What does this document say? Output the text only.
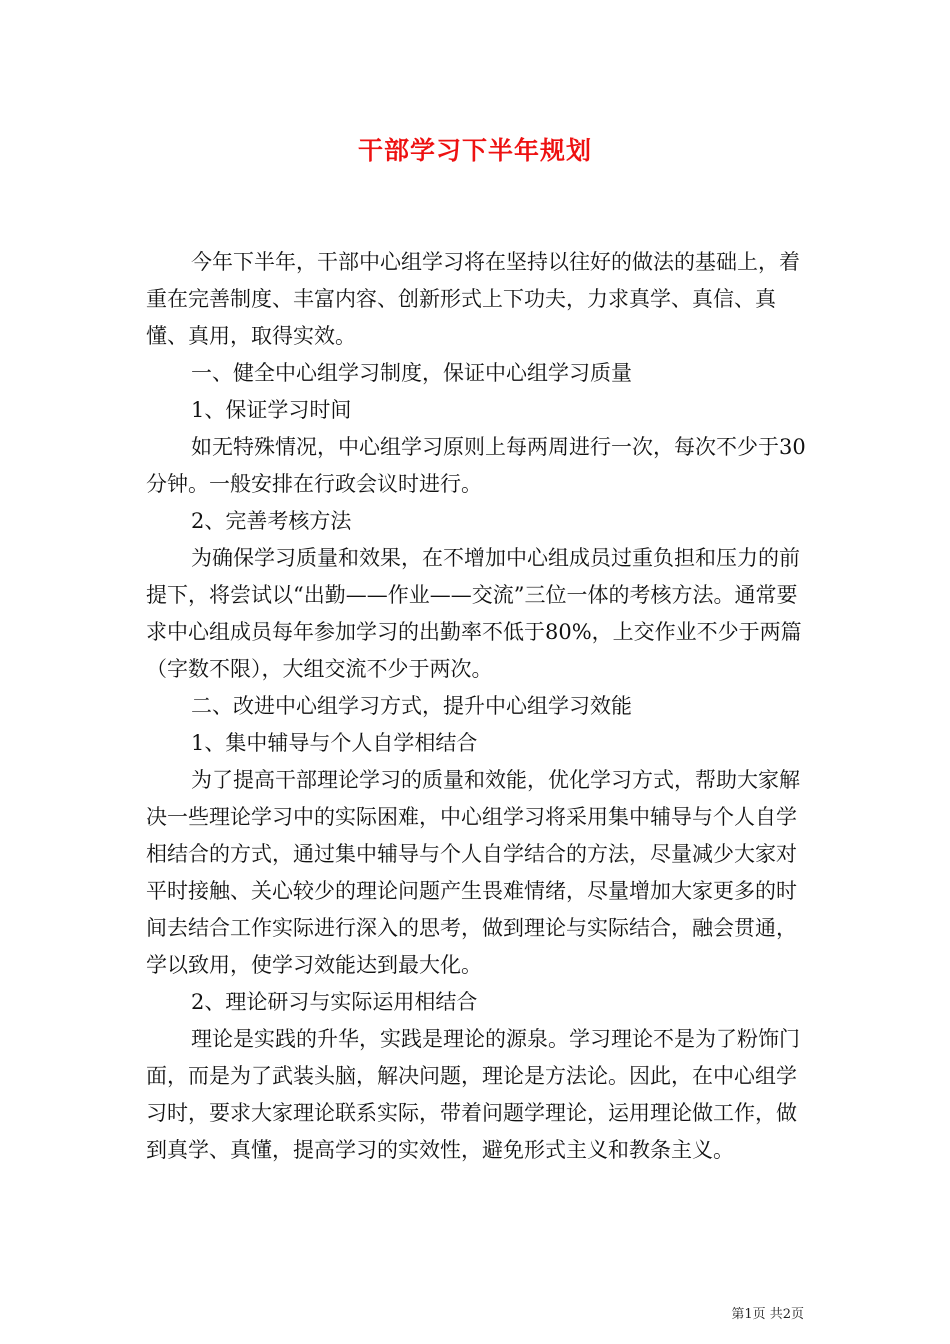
干部学习下半年规划

今年下半年，干部中心组学习将在坚持以往好的做法的基础上，着重在完善制度、丰富内容、创新形式上下功夫，力求真学、真信、真懂、真用，取得实效。

一、健全中心组学习制度，保证中心组学习质量

1、保证学习时间

如无特殊情况，中心组学习原则上每两周进行一次，每次不少于30分钟。一般安排在行政会议时进行。

2、完善考核方法

为确保学习质量和效果，在不增加中心组成员过重负担和压力的前提下，将尝试以“出勤——作业——交流”三位一体的考核方法。通常要求中心组成员每年参加学习的出勤率不低于80%，上交作业不少于两篇（字数不限），大组交流不少于两次。

二、改进中心组学习方式，提升中心组学习效能

1、集中辅导与个人自学相结合

为了提高干部理论学习的质量和效能，优化学习方式，帮助大家解决一些理论学习中的实际困难，中心组学习将采用集中辅导与个人自学相结合的方式，通过集中辅导与个人自学结合的方法，尽量减少大家对平时接触、关心较少的理论问题产生畏难情绪，尽量增加大家更多的时间去结合工作实际进行深入的思考，做到理论与实际结合，融会贯通，学以致用，使学习效能达到最大化。

2、理论研习与实际运用相结合

理论是实践的升华，实践是理论的源泉。学习理论不是为了粉饰门面，而是为了武装头脑，解决问题，理论是方法论。因此，在中心组学习时，要求大家理论联系实际，带着问题学理论，运用理论做工作，做到真学、真懂，提高学习的实效性，避免形式主义和教条主义。

第1页 共2页
